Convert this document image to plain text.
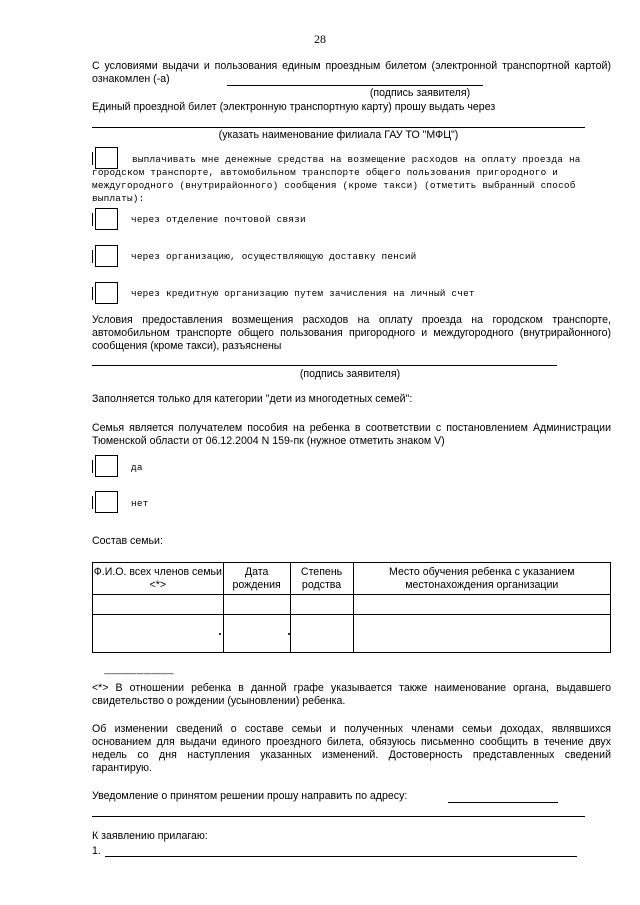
28
С условиями выдачи и пользования единым проездным билетом (электронной транспортной картой) ознакомлен (-а)
(подпись заявителя)
Единый проездной билет (электронную транспортную карту) прошу выдать через
(указать наименование филиала ГАУ ТО "МФЦ")
выплачивать мне денежные средства на возмещение расходов на оплату проезда на городском транспорте, автомобильном транспорте общего пользования пригородного и междугородного (внутрирайонного) сообщения (кроме такси) (отметить выбранный способ выплаты):
через отделение почтовой связи
через организацию, осуществляющую доставку пенсий
через кредитную организацию путем зачисления на личный счет
Условия предоставления возмещения расходов на оплату проезда на городском транспорте, автомобильном транспорте общего пользования пригородного и междугородного (внутрирайонного) сообщения (кроме такси), разъяснены
(подпись заявителя)
Заполняется только для категории "дети из многодетных семей":
Семья является получателем пособия на ребенка в соответствии с постановлением Администрации Тюменской области от 06.12.2004 N 159-пк (нужное отметить знаком V)
да
нет
Состав семьи:
Ф.И.О. всех членов семьи <*>	Дата рождения	Степень родства	Место обучения ребенка с указанием местонахождения организации

--------------------------------
<*> В отношении ребенка в данной графе указывается также наименование органа, выдавшего свидетельство о рождении (усыновлении) ребенка.
Об изменении сведений о составе семьи и полученных членами семьи доходах, являвшихся основанием для выдачи единого проездного билета, обязуюсь письменно сообщить в течение двух недель со дня наступления указанных изменений. Достоверность представленных сведений гарантирую.
Уведомление о принятом решении прошу направить по адресу:
К заявлению прилагаю:
1.
